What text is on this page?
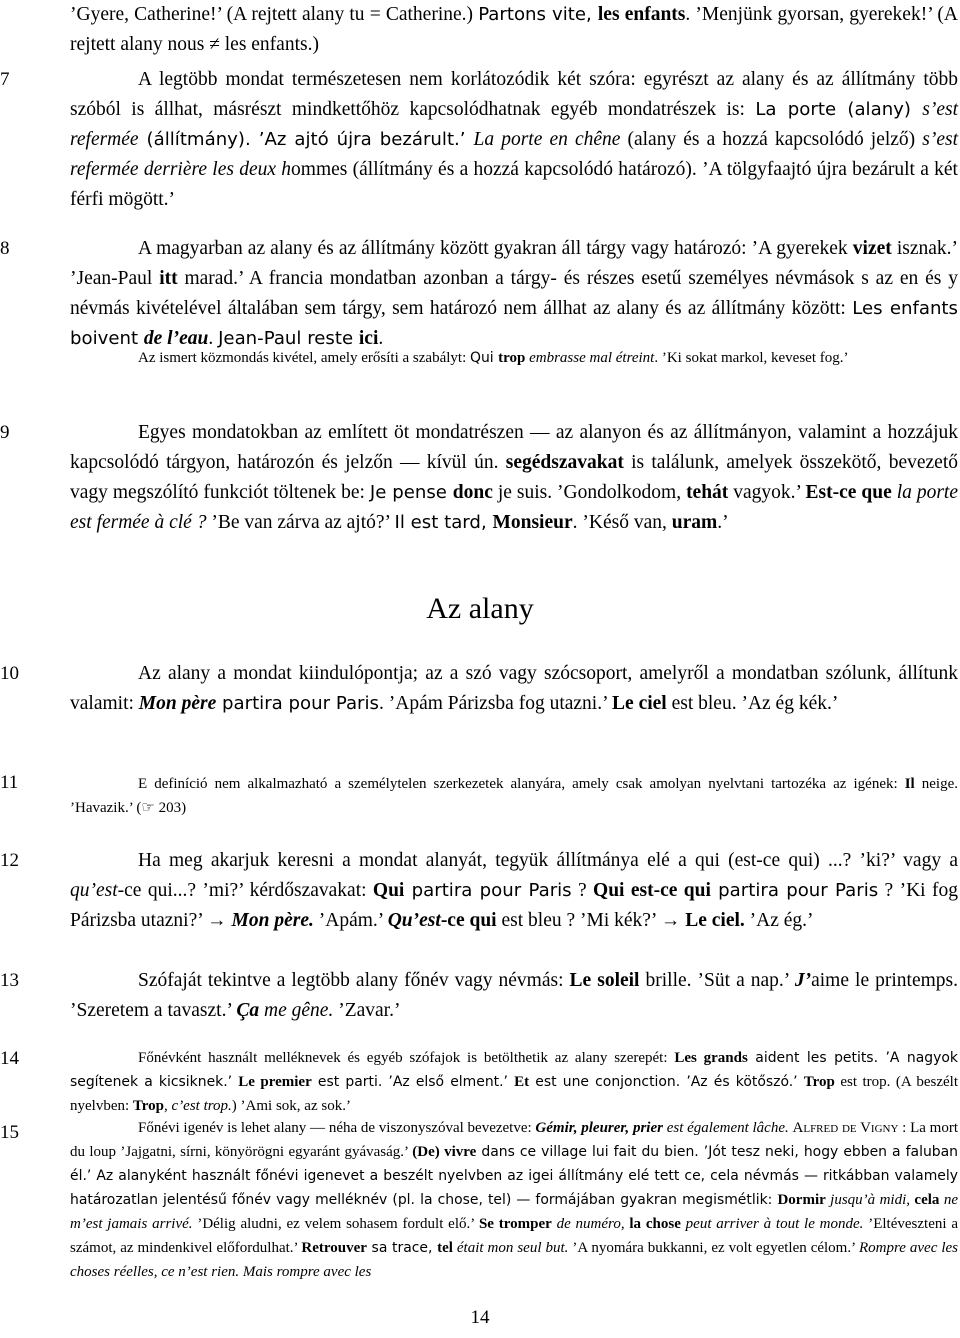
’Gyere, Catherine!’ (A rejtett alany tu = Catherine.) Partons vite, les enfants. ’Menjünk gyorsan, gyerekek!’ (A rejtett alany nous ≠ les enfants.)
7	A legtöbb mondat természetesen nem korlátozódik két szóra: egyrészt az alany és az állítmány több szóból is állhat, másrészt mindkettőhöz kapcsolódhatnak egyéb mondatrészek is: La porte (alany) s’est refermée (állítmány). ’Az ajtó újra bezárult.’ La porte en chêne (alany és a hozzá kapcsolódó jelző) s’est refermée derrière les deux hommes (állítmány és a hozzá kapcsolódó határozó). ’A tölgyfaajtó újra bezárult a két férfi mögött.’
8	A magyarban az alany és az állítmány között gyakran áll tárgy vagy határozó: ’A gyerekek vizet isznak.’ ’Jean-Paul itt marad.’ A francia mondatban azonban a tárgy- és részes esetű személyes névmások s az en és y névmás kivételével általában sem tárgy, sem határozó nem állhat az alany és az állítmány között: Les enfants boivent de l’eau. Jean-Paul reste ici.
Az ismert közmondás kivétel, amely erősíti a szabályt: Qui trop embrasse mal étreint. ’Ki sokat markol, keveset fog.’
9	Egyes mondatokban az említett öt mondatrészen — az alanyon és az állítmányon, valamint a hozzájuk kapcsolódó tárgyon, határozón és jelzőn — kívül ún. segédszavakat is találunk, amelyek összekötő, bevezető vagy megszólító funkciót töltenek be: Je pense donc je suis. ’Gondolkodom, tehát vagyok.’ Est-ce que la porte est fermée à clé ? ’Be van zárva az ajtó?’ Il est tard, Monsieur. ’Késő van, uram.’
Az alany
10	Az alany a mondat kiindulópontja; az a szó vagy szócsoport, amelyről a mondatban szólunk, állítunk valamit: Mon père partira pour Paris. ’Apám Párizsba fog utazni.’ Le ciel est bleu. ’Az ég kék.’
11	E definíció nem alkalmazható a személytelen szerkezetek alanyára, amely csak amolyan nyelvtani tartozéka az igének: Il neige. ’Havazik.’ (☞ 203)
12	Ha meg akarjuk keresni a mondat alanyát, tegyük állítmánya elé a qui (est-ce qui) ...? ’ki?’ vagy a qu’est-ce qui...? ’mi?’ kérdőszavakat: Qui partira pour Paris ? Qui est-ce qui partira pour Paris ? ’Ki fog Párizsba utazni?’ → Mon père. ’Apám.’ Qu’est-ce qui est bleu ? ’Mi kék?’ → Le ciel. ’Az ég.’
13	Szófaját tekintve a legtöbb alany főnév vagy névmás: Le soleil brille. ’Süt a nap.’ J’aime le printemps. ’Szeretem a tavaszt.’ Ça me gêne. ’Zavar.’
14	Főnévként használt melléknevek és egyéb szófajok is betölthetik az alany szerepét: Les grands aident les petits. ’A nagyok segítenek a kicsiknek.’ Le premier est parti. ’Az első elment.’ Et est une conjonction. ’Az és kötőszó.’ Trop est trop. (A beszélt nyelvben: Trop, c’est trop.) ’Ami sok, az sok.’
15	Főnévi igenév is lehet alany — néha de viszonyszóval bevezetve: Gémir, pleurer, prier est également lâche. Alfred de Vigny : La mort du loup ’Jajgatni, sírni, könyörögni egyaránt gyávaság.’ (De) vivre dans ce village lui fait du bien. ’Jót tesz neki, hogy ebben a faluban él.’ Az alanyként használt főnévi igenevet a beszélt nyelvben az igei állítmány elé tett ce, cela névmás — ritkábban valamely határozatlan jelentésű főnév vagy melléknév (pl. la chose, tel) — formájában gyakran megismétlik: Dormir jusqu’à midi, cela ne m’est jamais arrivé. ’Délig aludni, ez velem sohasem fordult elő.’ Se tromper de numéro, la chose peut arriver à tout le monde. ’Eltéveszteni a számot, az mindenkivel előfordulhat.’ Retrouver sa trace, tel était mon seul but. ’A nyomára bukkanni, ez volt egyetlen célom.’ Rompre avec les choses réelles, ce n’est rien. Mais rompre avec les
14
